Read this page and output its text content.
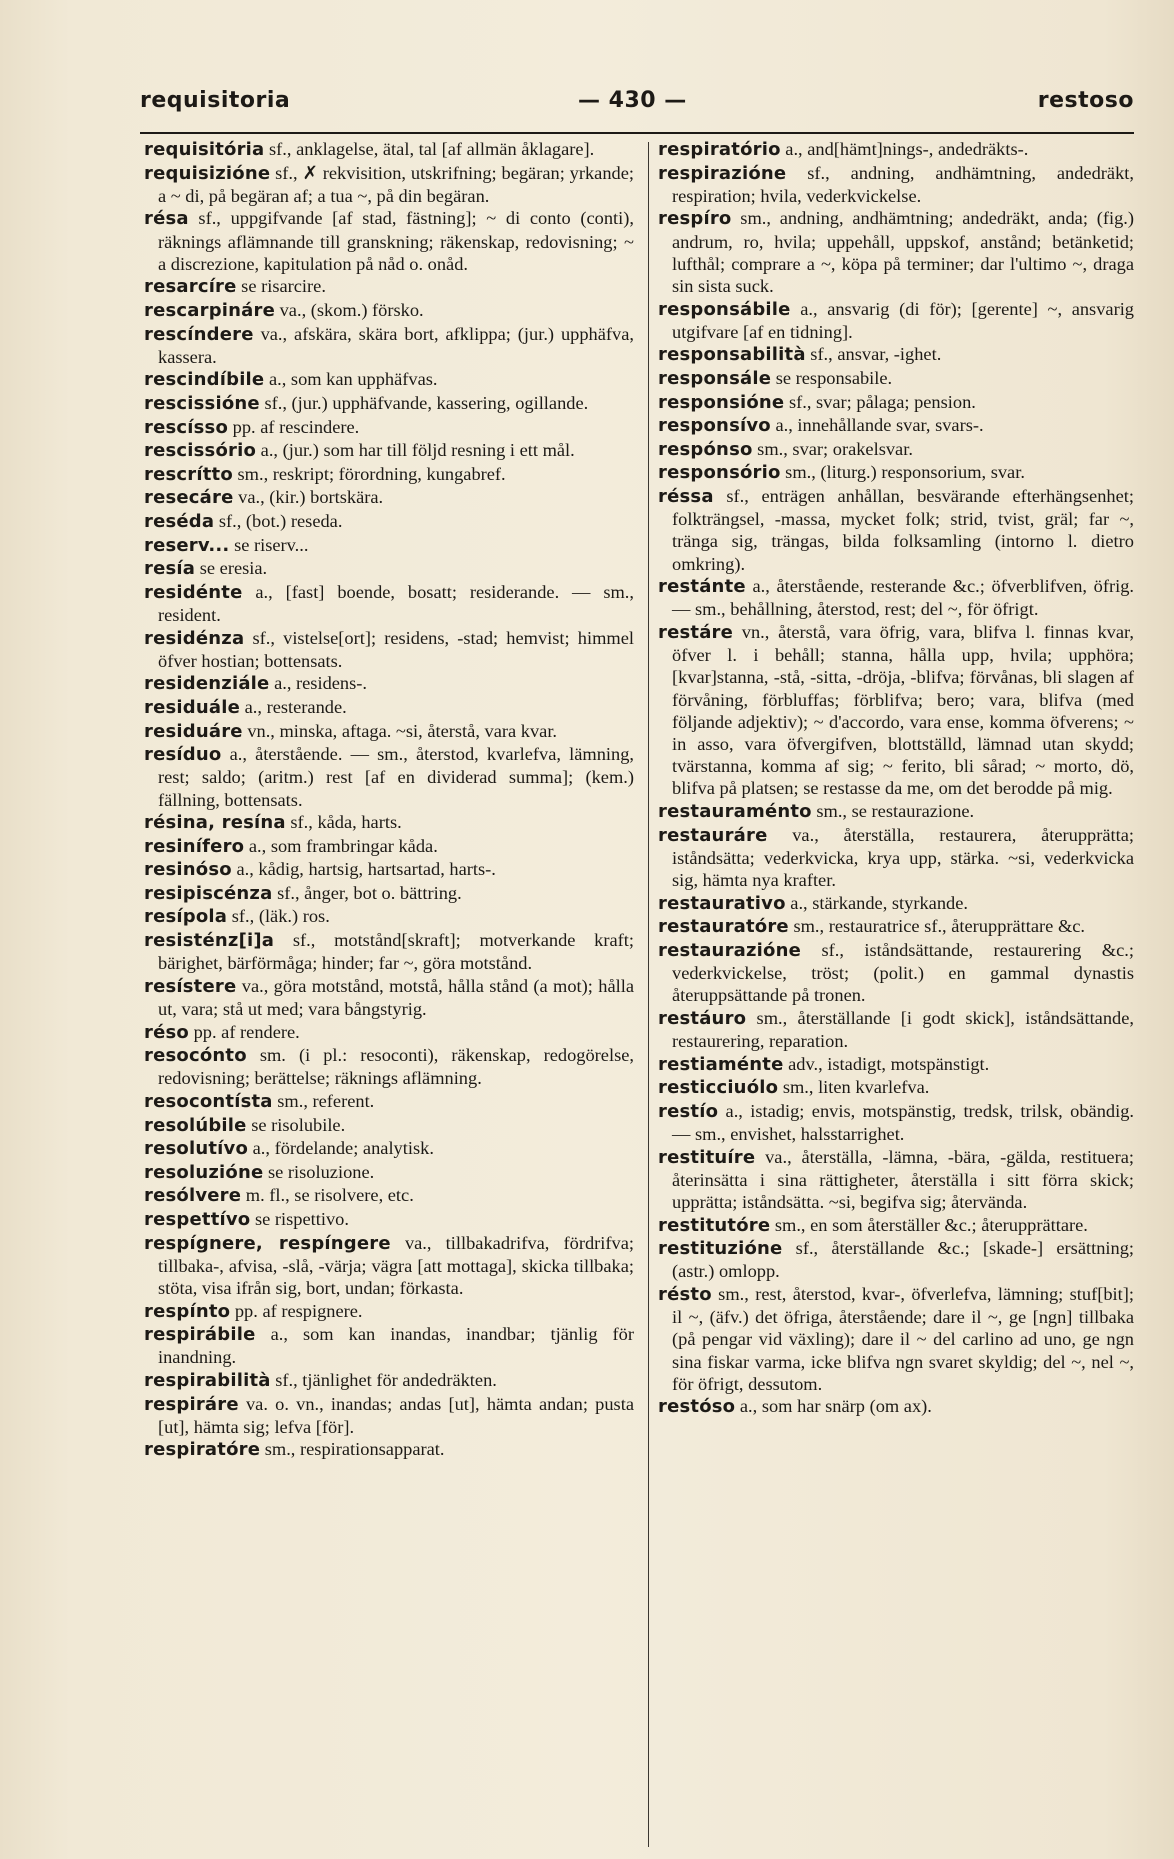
requisitoria	— 430 —	restoso

requisitória sf., anklagelse, ätal, tal [af allmän åklagare].

requisizióne sf., ✗ rekvisition, utskrifning; begäran; yrkande; a ~ di, på begäran af; a tua ~, på din begäran.

résa sf., uppgifvande [af stad, fästning]; ~ di conto (conti), räknings aflämnande till granskning; räkenskap, redovisning; ~ a discrezione, kapitulation på nåd o. onåd.

resarcíre se risarcire.

rescarpináre va., (skom.) förskо.

rescíndere va., afskära, skära bort, afklippa; (jur.) upphäfva, kassera.

rescindíbile a., som kan upphäfvas.

rescissióne sf., (jur.) upphäfvande, kassering, ogillande.

rescísso pp. af rescindere.

rescissório a., (jur.) som har till följd resning i ett mål.

rescrítto sm., reskript; förordning, kungabref.

resecáre va., (kir.) bortskära.

reséda sf., (bot.) reseda.

reserv... se riserv...

resía se eresia.

residénte a., [fast] boende, bosatt; residerande. — sm., resident.

residénza sf., vistelse[ort]; residens, -stad; hemvist; himmel öfver hostian; bottensats.

residenziále a., residens-.

residuále a., resterande.

residuáre vn., minska, aftaga. ~si, återstå, vara kvar.

resíduo a., återstående. — sm., återstod, kvarlefva, lämning, rest; saldo; (aritm.) rest [af en dividerad summa]; (kem.) fällning, bottensats.

résina, resína sf., kåda, harts.

resinífero a., som frambringar kåda.

resinóso a., kådig, hartsig, hartsartad, harts-.

resipiscénza sf., ånger, bot o. bättring.

resípola sf., (läk.) ros.

resisténz[i]a sf., motstånd[skraft]; motverkande kraft; bärighet, bärförmåga; hinder; far ~, göra motstånd.

resístere va., göra motstånd, motstå, hålla stånd (a mot); hålla ut, vara; stå ut med; vara bångstyrig.

réso pp. af rendere.

resocónto sm. (i pl.: resoconti), räkenskap, redogörelse, redovisning; berättelse; räknings aflämning.

resocontísta sm., referent.

resolúbile se risolubile.

resolutívo a., fördelande; analytisk.

resoluzióne se risoluzione.

resólvere m. fl., se risolvere, etc.

respettívo se rispettivo.

respígnere, respíngere va., tillbakadrifva, fördrifva; tillbaka-, afvisa, -slå, -värja; vägra [att mottaga], skicka tillbaka; stöta, visa ifrån sig, bort, undan; förkasta.

respínto pp. af respignere.

respirábile a., som kan inandas, inandbar; tjänlig för inandning.

respirabilità sf., tjänlighet för andedräkten.

respiráre va. o. vn., inandas; andas [ut], hämta andan; pusta [ut], hämta sig; lefva [för].

respiratóre sm., respirationsapparat.

respiratório a., and[hämt]nings-, andedräkts-.

respirazióne sf., andning, andhämtning, andedräkt, respiration; hvila, vederkvickelse.

respíro sm., andning, andhämtning; andedräkt, anda; (fig.) andrum, ro, hvila; uppehåll, uppskof, anstånd; betänketid; lufthål; comprare a ~, köpa på terminer; dar l'ultimo ~, draga sin sista suck.

responsábile a., ansvarig (di för); [gerente] ~, ansvarig utgifvare [af en tidning].

responsabilità sf., ansvar, -ighet.

responsále se responsabile.

responsióne sf., svar; pålaga; pension.

responsívo a., innehållande svar, svars-.

respónso sm., svar; orakelsvar.

responsório sm., (liturg.) responsorium, svar.

réssa sf., enträgen anhållan, besvärande efterhängsenhet; folkträngsel, -massa, mycket folk; strid, tvist, gräl; far ~, tränga sig, trängas, bilda folksamling (intorno l. dietro omkring).

restánte a., återstående, resterande &c.; öfverblifven, öfrig. — sm., behållning, återstod, rest; del ~, för öfrigt.

restáre vn., återstå, vara öfrig, vara, blifva l. finnas kvar, öfver l. i behåll; stanna, hålla upp, hvila; upphöra; [kvar]stanna, -stå, -sitta, -dröja, -blifva; förvånas, bli slagen af förvåning, förbluffas; förblifva; bero; vara, blifva (med följande adjektiv); ~ d'accordo, vara ense, komma öfverens; ~ in asso, vara öfvergifven, blottställd, lämnad utan skydd; tvärstanna, komma af sig; ~ ferito, bli sårad; ~ morto, dö, blifva på platsen; se restasse da me, om det berodde på mig.

restauraménto sm., se restaurazione.

restauráre va., återställa, restaurera, återupprätta; iståndsätta; vederkvicka, krya upp, stärka. ~si, vederkvicka sig, hämta nya krafter.

restaurativo a., stärkande, styrkande.

restauratóre sm., restauratrice sf., återupprättare &c.

restaurazióne sf., iståndsättande, restaurering &c.; vederkvickelse, tröst; (polit.) en gammal dynastis återuppsättande på tronen.

restáuro sm., återställande [i godt skick], iståndsättande, restaurering, reparation.

restiaménte adv., istadigt, motspänstigt.

resticciuólo sm., liten kvarlefva.

restío a., istadig; envis, motspänstig, tredsk, trilsk, obändig. — sm., envishet, halsstarrighet.

restituíre va., återställa, -lämna, -bära, -gälda, restituera; återinsätta i sina rättigheter, återställa i sitt förra skick; upprätta; iståndsätta. ~si, begifva sig; återvända.

restitutóre sm., en som återställer &c.; återupprättare.

restituzióne sf., återställande &c.; [skade-] ersättning; (astr.) omlopp.

résto sm., rest, återstod, kvar-, öfverlefva, lämning; stuf[bit]; il ~, (äfv.) det öfriga, återstående; dare il ~, ge [ngn] tillbaka (på pengar vid växling); dare il ~ del carlino ad uno, ge ngn sina fiskar varma, icke blifva ngn svaret skyldig; del ~, nel ~, för öfrigt, dessutom.

restóso a., som har snärp (om ax).
